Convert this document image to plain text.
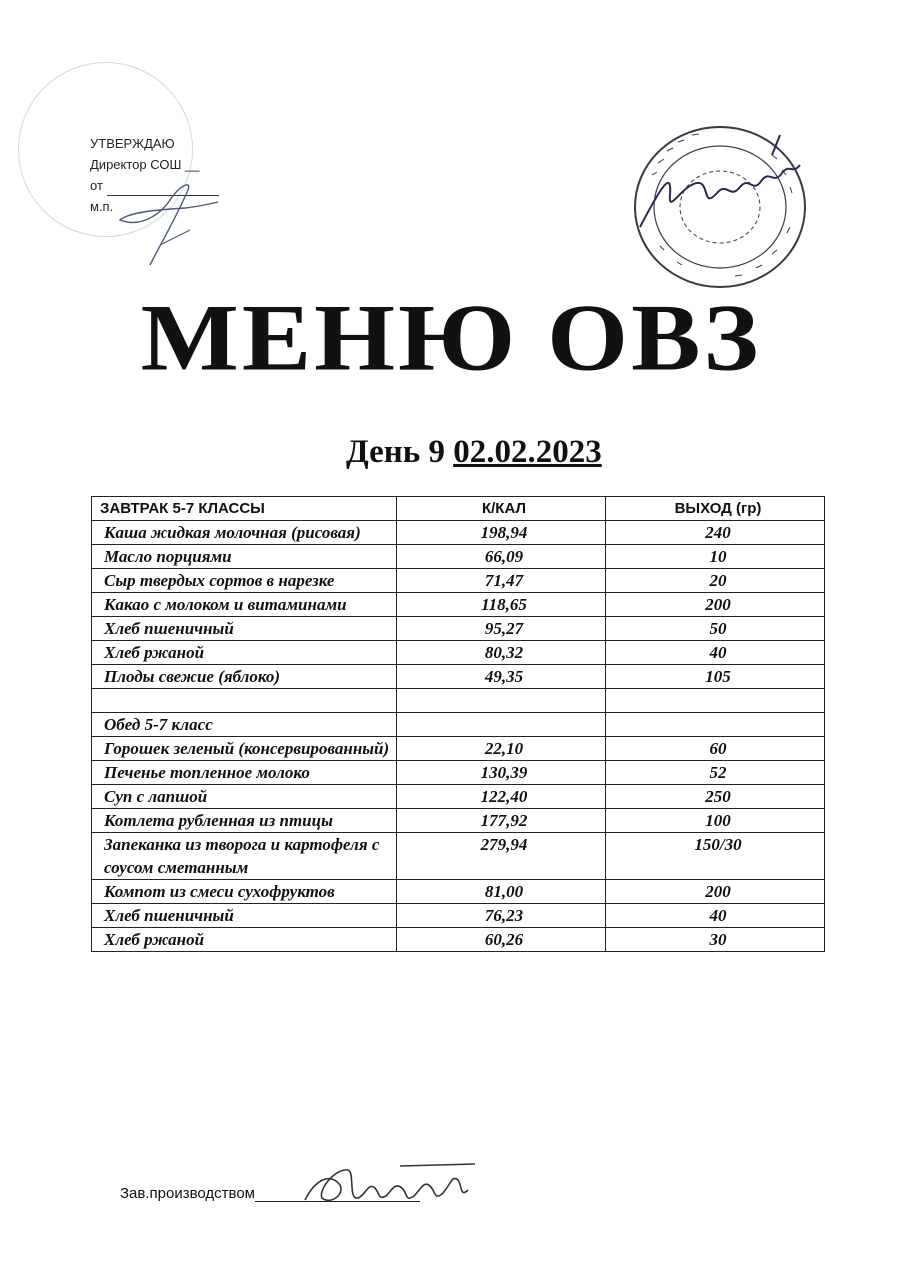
УТВЕРЖДАЮ
Директор СОШ __
от
м.п.
МЕНЮ ОВЗ
День 9 02.02.2023
ЗАВТРАК 5-7 КЛАССЫ	К/КАЛ	ВЫХОД (гр)
Каша жидкая молочная (рисовая)	198,94	240
Масло порциями	66,09	10
Сыр твердых сортов в нарезке	71,47	20
Какао с молоком и витаминами	118,65	200
Хлеб пшеничный	95,27	50
Хлеб ржаной	80,32	40
Плоды свежие (яблоко)	49,35	105

Обед 5-7 класс		
Горошек зеленый (консервированный)	22,10	60
Печенье топленное молоко	130,39	52
Суп с лапшой	122,40	250
Котлета рубленная из птицы	177,92	100
Запеканка из творога и картофеля с соусом сметанным	279,94	150/30
Компот из смеси сухофруктов	81,00	200
Хлеб пшеничный	76,23	40
Хлеб ржаной	60,26	30
Зав.производством
